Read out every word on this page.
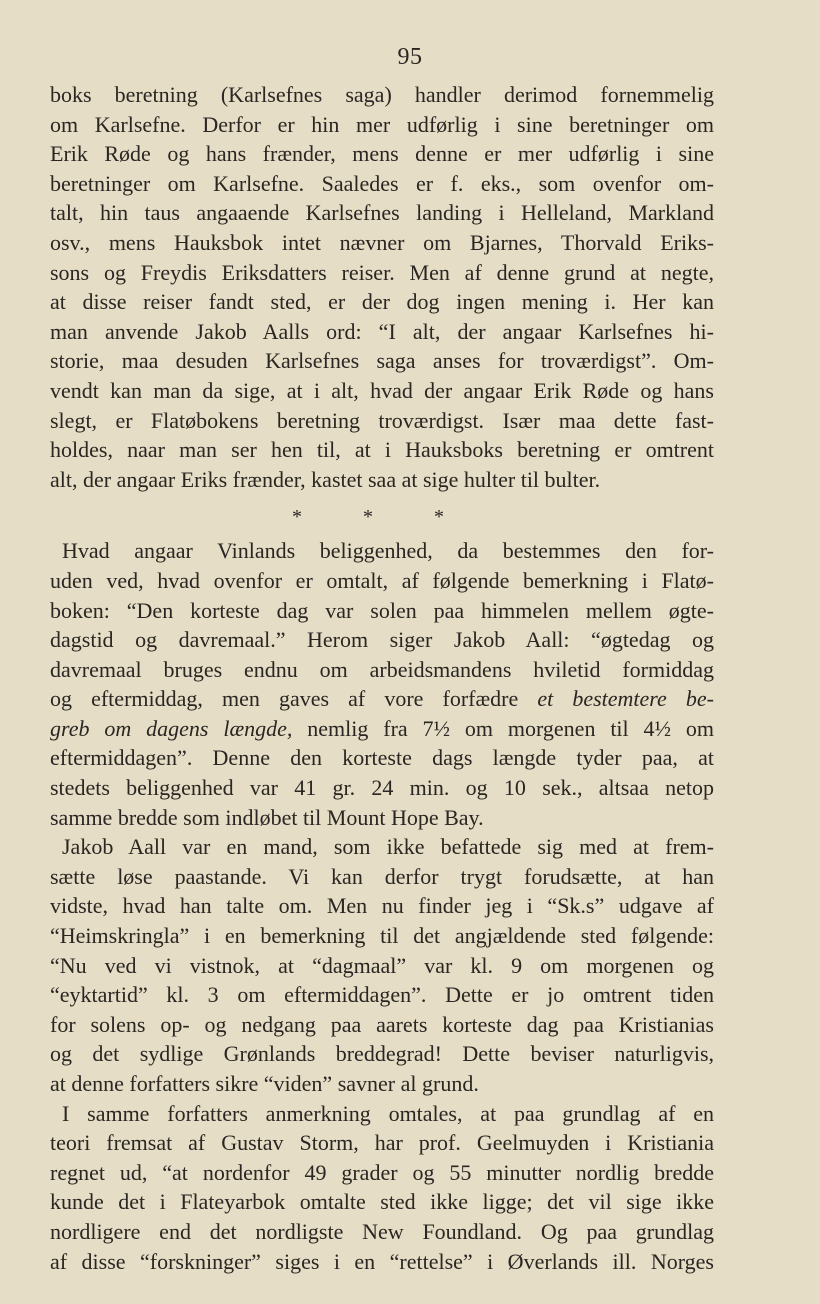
95
boks beretning (Karlsefnes saga) handler derimod fornemmelig
om Karlsefne. Derfor er hin mer udførlig i sine beretninger om
Erik Røde og hans frænder, mens denne er mer udførlig i sine
beretninger om Karlsefne. Saaledes er f. eks., som ovenfor om-
talt, hin taus angaaende Karlsefnes landing i Helleland, Markland
osv., mens Hauksbok intet nævner om Bjarnes, Thorvald Eriks-
sons og Freydis Eriksdatters reiser. Men af denne grund at negte,
at disse reiser fandt sted, er der dog ingen mening i. Her kan
man anvende Jakob Aalls ord: “I alt, der angaar Karlsefnes hi-
storie, maa desuden Karlsefnes saga anses for troværdigst”. Om-
vendt kan man da sige, at i alt, hvad der angaar Erik Røde og hans
slegt, er Flatøbokens beretning troværdigst. Især maa dette fast-
holdes, naar man ser hen til, at i Hauksboks beretning er omtrent
alt, der angaar Eriks frænder, kastet saa at sige hulter til bulter.
* * *
Hvad angaar Vinlands beliggenhed, da bestemmes den for-
uden ved, hvad ovenfor er omtalt, af følgende bemerkning i Flatø-
boken: “Den korteste dag var solen paa himmelen mellem øgte-
dagstid og davremaal.” Herom siger Jakob Aall: “øgtedag og
davremaal bruges endnu om arbeidsmandens hviletid formiddag
og eftermiddag, men gaves af vore forfædre et bestemtere be-
greb om dagens længde, nemlig fra 7½ om morgenen til 4½ om
eftermiddagen”. Denne den korteste dags længde tyder paa, at
stedets beliggenhed var 41 gr. 24 min. og 10 sek., altsaa netop
samme bredde som indløbet til Mount Hope Bay.
Jakob Aall var en mand, som ikke befattede sig med at frem-
sætte løse paastande. Vi kan derfor trygt forudsætte, at han
vidste, hvad han talte om. Men nu finder jeg i “Sk.s” udgave af
“Heimskringla” i en bemerkning til det angjældende sted følgende:
“Nu ved vi vistnok, at “dagmaal” var kl. 9 om morgenen og
“eyktartid” kl. 3 om eftermiddagen”. Dette er jo omtrent tiden
for solens op- og nedgang paa aarets korteste dag paa Kristianias
og det sydlige Grønlands breddegrad! Dette beviser naturligvis,
at denne forfatters sikre “viden” savner al grund.
I samme forfatters anmerkning omtales, at paa grundlag af en
teori fremsat af Gustav Storm, har prof. Geelmuyden i Kristiania
regnet ud, “at nordenfor 49 grader og 55 minutter nordlig bredde
kunde det i Flateyarbok omtalte sted ikke ligge; det vil sige ikke
nordligere end det nordligste New Foundland. Og paa grundlag
af disse “forskninger” siges i en “rettelse” i Øverlands ill. Norges
